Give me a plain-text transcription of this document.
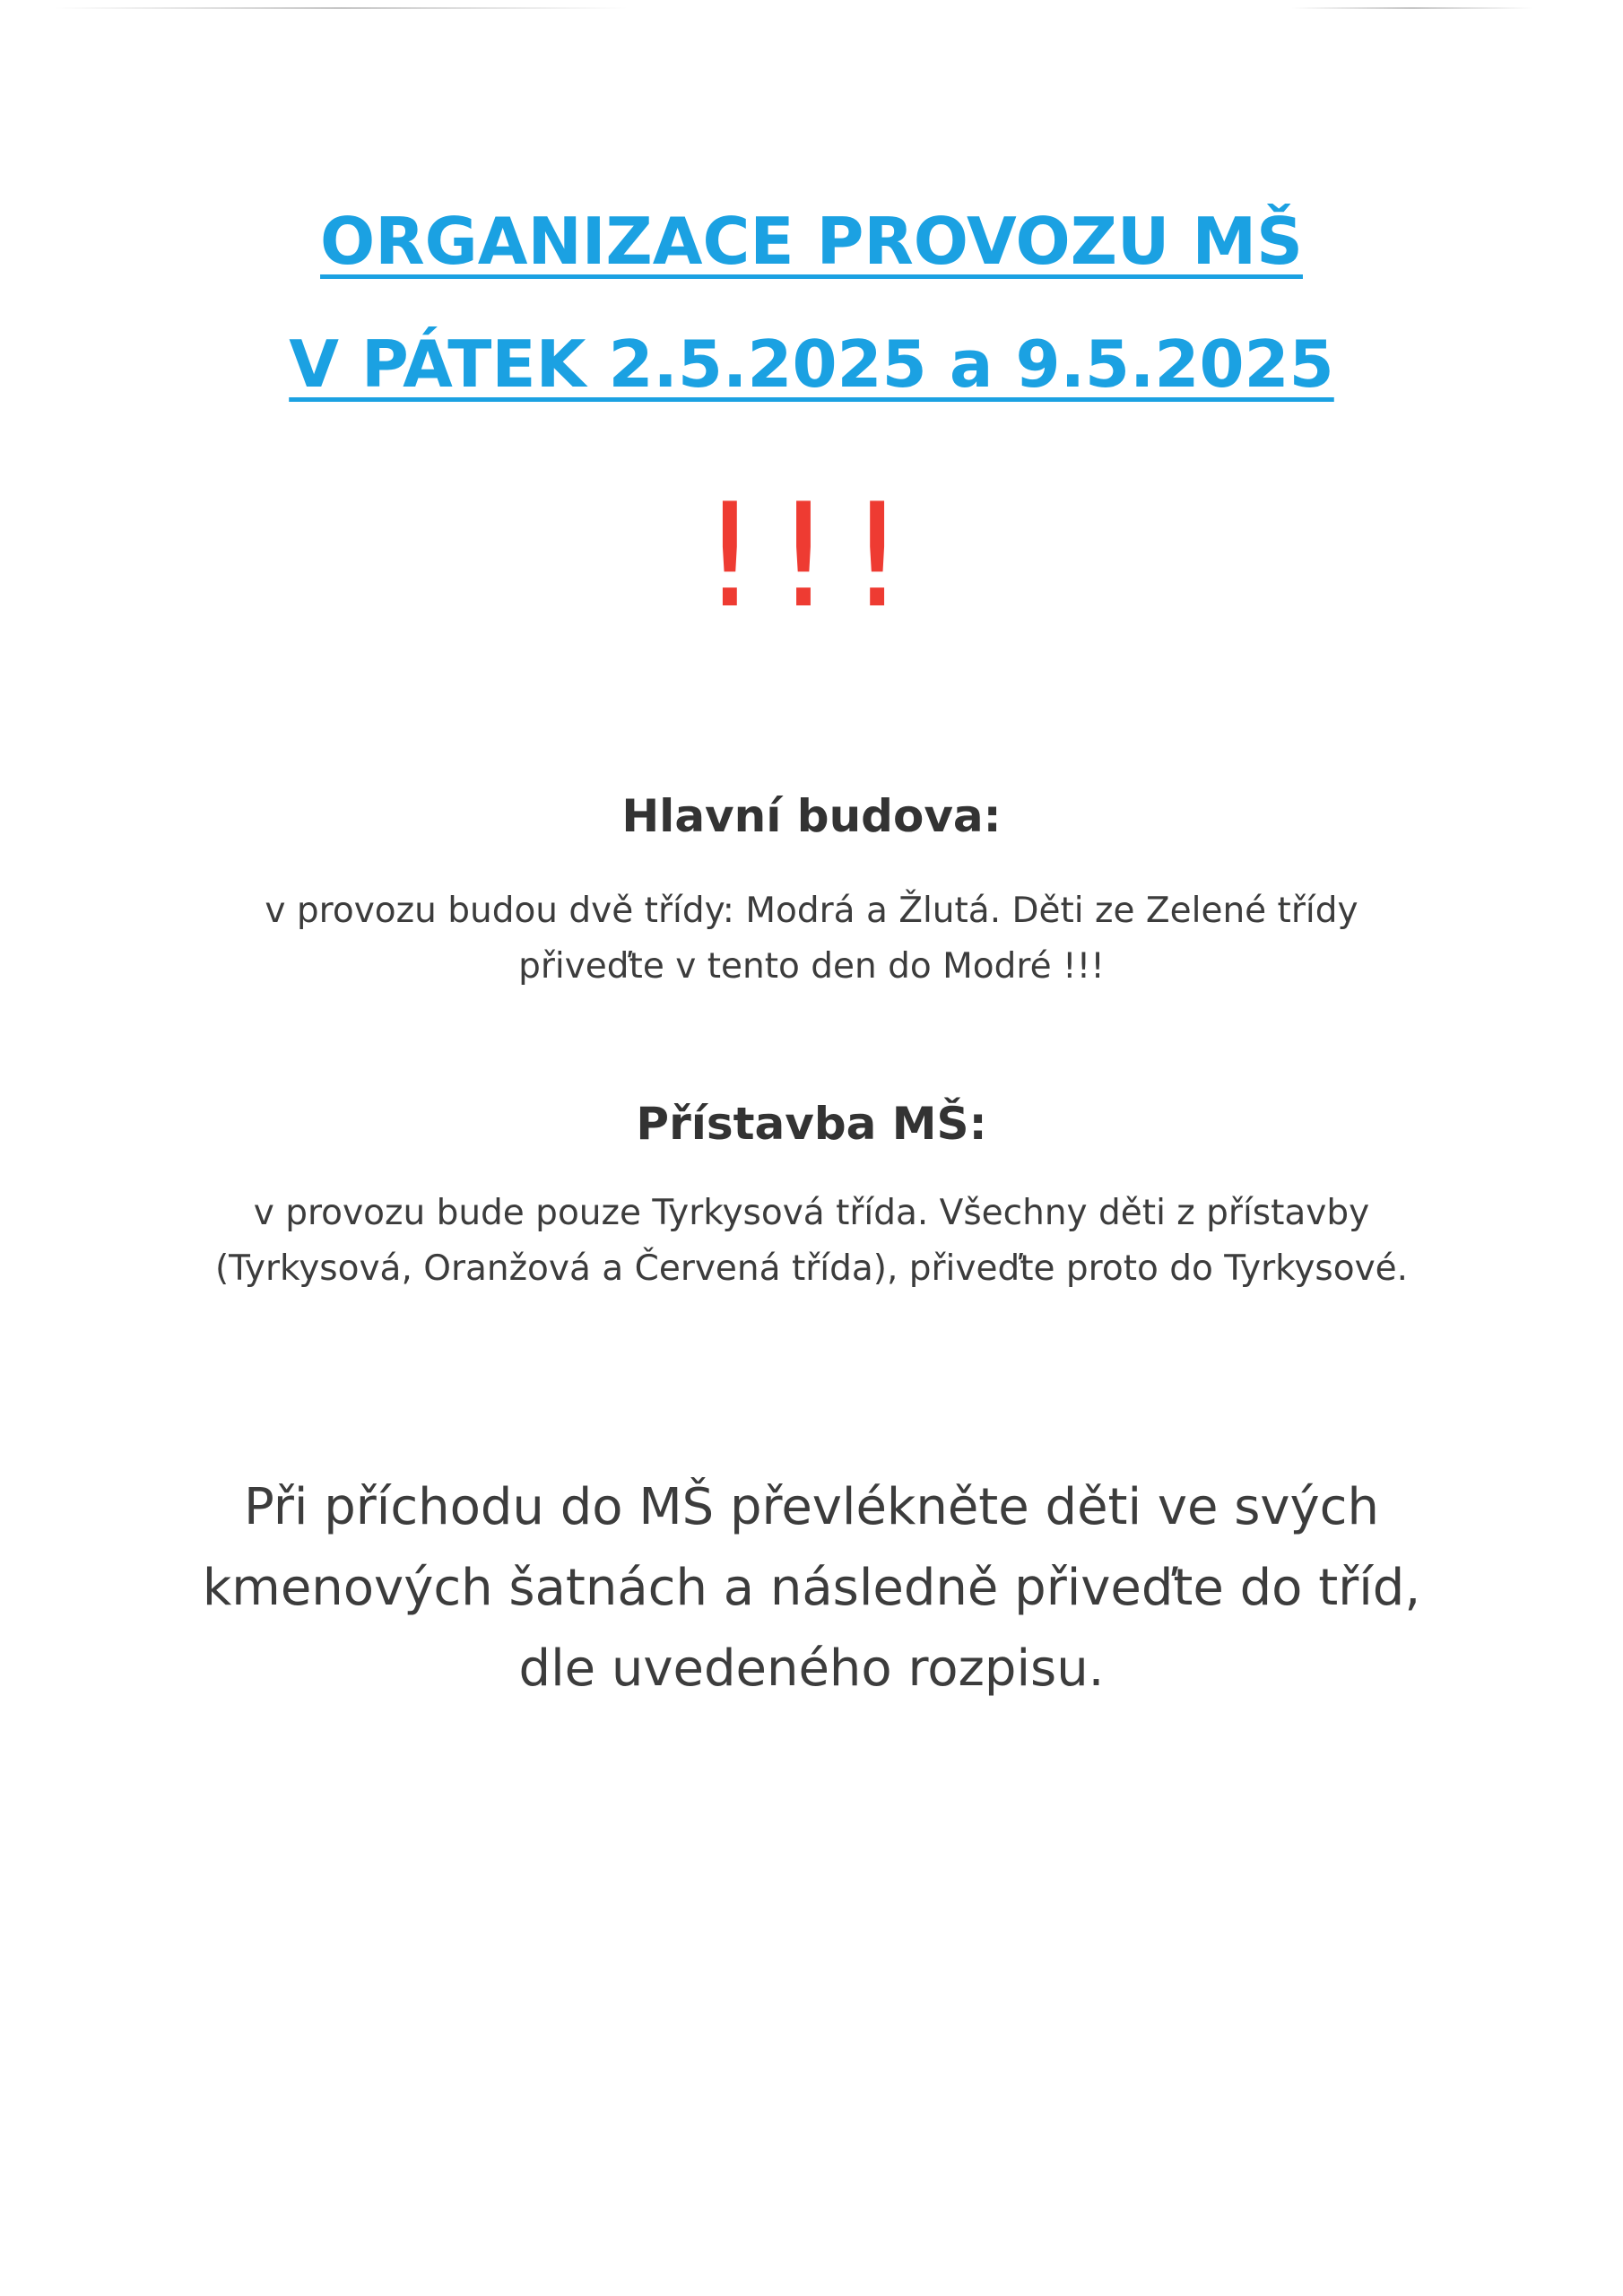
ORGANIZACE PROVOZU MŠ
V PÁTEK 2.5.2025 a 9.5.2025
!!!
Hlavní budova:
v provozu budou dvě třídy: Modrá a Žlutá. Děti ze Zelené třídy
přiveďte v tento den do Modré !!!
Přístavba MŠ:
v provozu bude pouze Tyrkysová třída. Všechny děti z přístavby
(Tyrkysová, Oranžová a Červená třída), přiveďte proto do Tyrkysové.
Při příchodu do MŠ převlékněte děti ve svých
kmenových šatnách a následně přiveďte do tříd,
dle uvedeného rozpisu.
